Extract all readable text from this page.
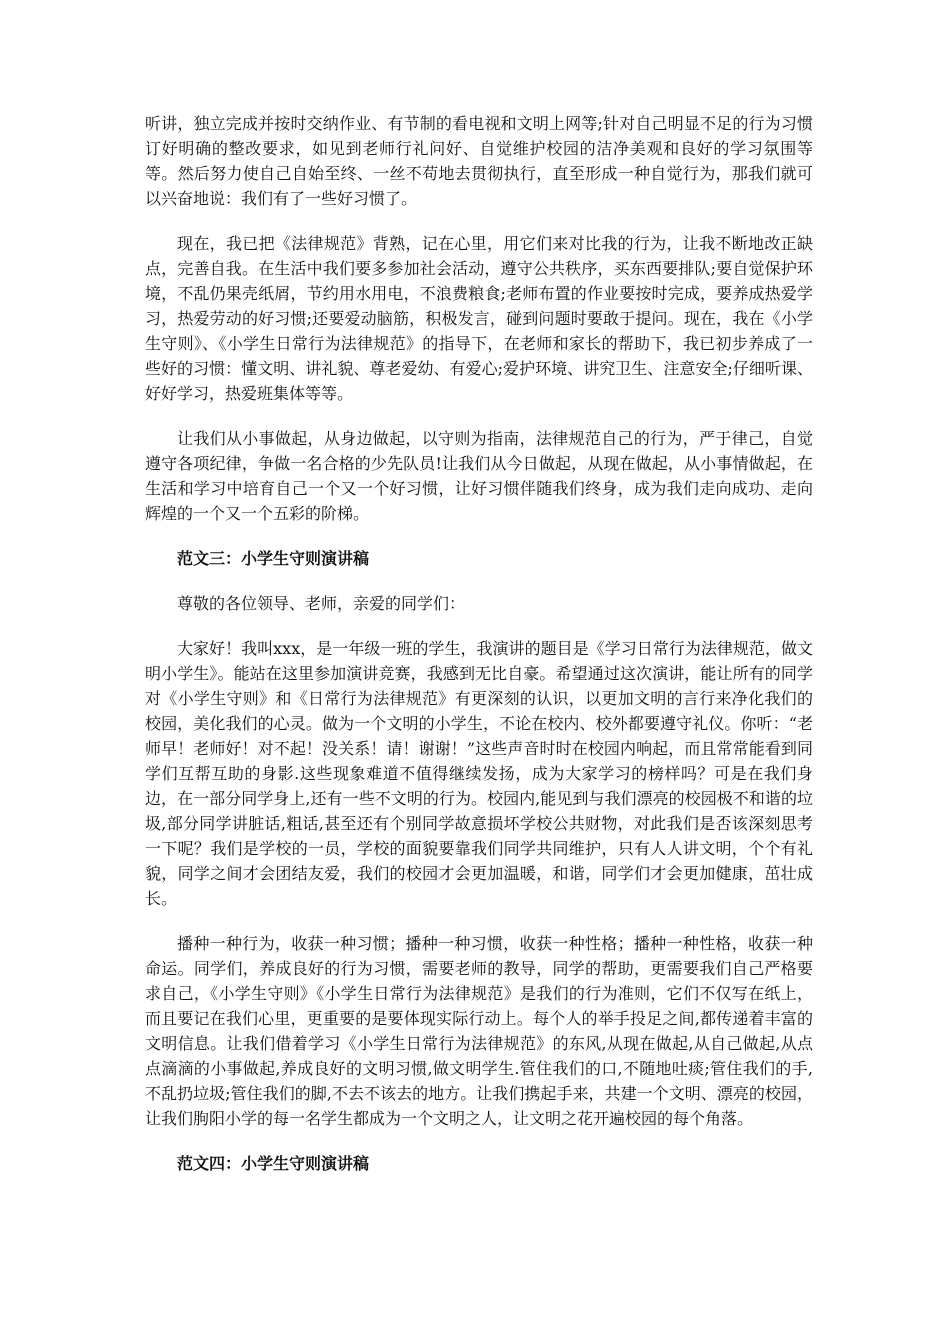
听讲，独立完成并按时交纳作业、有节制的看电视和文明上网等;针对自己明显不足的行为习惯订好明确的整改要求，如见到老师行礼问好、自觉维护校园的洁净美观和良好的学习氛围等等。然后努力使自己自始至终、一丝不苟地去贯彻执行，直至形成一种自觉行为，那我们就可以兴奋地说：我们有了一些好习惯了。

现在，我已把《法律规范》背熟，记在心里，用它们来对比我的行为，让我不断地改正缺点，完善自我。在生活中我们要多参加社会活动，遵守公共秩序，买东西要排队;要自觉保护环境，不乱仍果壳纸屑，节约用水用电，不浪费粮食;老师布置的作业要按时完成，要养成热爱学习，热爱劳动的好习惯;还要爱动脑筋，积极发言，碰到问题时要敢于提问。现在，我在《小学生守则》、《小学生日常行为法律规范》的指导下，在老师和家长的帮助下，我已初步养成了一些好的习惯：懂文明、讲礼貌、尊老爱幼、有爱心;爱护环境、讲究卫生、注意安全;仔细听课、好好学习，热爱班集体等等。

让我们从小事做起，从身边做起，以守则为指南，法律规范自己的行为，严于律己，自觉遵守各项纪律，争做一名合格的少先队员!让我们从今日做起，从现在做起，从小事情做起，在生活和学习中培育自己一个又一个好习惯，让好习惯伴随我们终身，成为我们走向成功、走向辉煌的一个又一个五彩的阶梯。

范文三：小学生守则演讲稿

尊敬的各位领导、老师，亲爱的同学们：

大家好！我叫xxx，是一年级一班的学生，我演讲的题目是《学习日常行为法律规范，做文明小学生》。能站在这里参加演讲竞赛，我感到无比自豪。希望通过这次演讲，能让所有的同学对《小学生守则》和《日常行为法律规范》有更深刻的认识，以更加文明的言行来净化我们的校园，美化我们的心灵。做为一个文明的小学生，不论在校内、校外都要遵守礼仪。你听：“老师早！老师好！对不起！没关系！请！谢谢！”这些声音时时在校园内响起，而且常常能看到同学们互帮互助的身影.这些现象难道不值得继续发扬，成为大家学习的榜样吗？可是在我们身边，在一部分同学身上,还有一些不文明的行为。校园内,能见到与我们漂亮的校园极不和谐的垃圾,部分同学讲脏话,粗话,甚至还有个别同学故意损坏学校公共财物，对此我们是否该深刻思考一下呢？我们是学校的一员，学校的面貌要靠我们同学共同维护，只有人人讲文明，个个有礼貌，同学之间才会团结友爱，我们的校园才会更加温暖，和谐，同学们才会更加健康，茁壮成长。

播种一种行为，收获一种习惯；播种一种习惯，收获一种性格；播种一种性格，收获一种命运。同学们，养成良好的行为习惯，需要老师的教导，同学的帮助，更需要我们自己严格要求自己，《小学生守则》《小学生日常行为法律规范》是我们的行为准则，它们不仅写在纸上，而且要记在我们心里，更重要的是要体现实际行动上。每个人的举手投足之间,都传递着丰富的文明信息。让我们借着学习《小学生日常行为法律规范》的东风,从现在做起,从自己做起,从点点滴滴的小事做起,养成良好的文明习惯,做文明学生.管住我们的口,不随地吐痰;管住我们的手,不乱扔垃圾;管住我们的脚,不去不该去的地方。让我们携起手来，共建一个文明、漂亮的校园，让我们朐阳小学的每一名学生都成为一个文明之人，让文明之花开遍校园的每个角落。

范文四：小学生守则演讲稿
